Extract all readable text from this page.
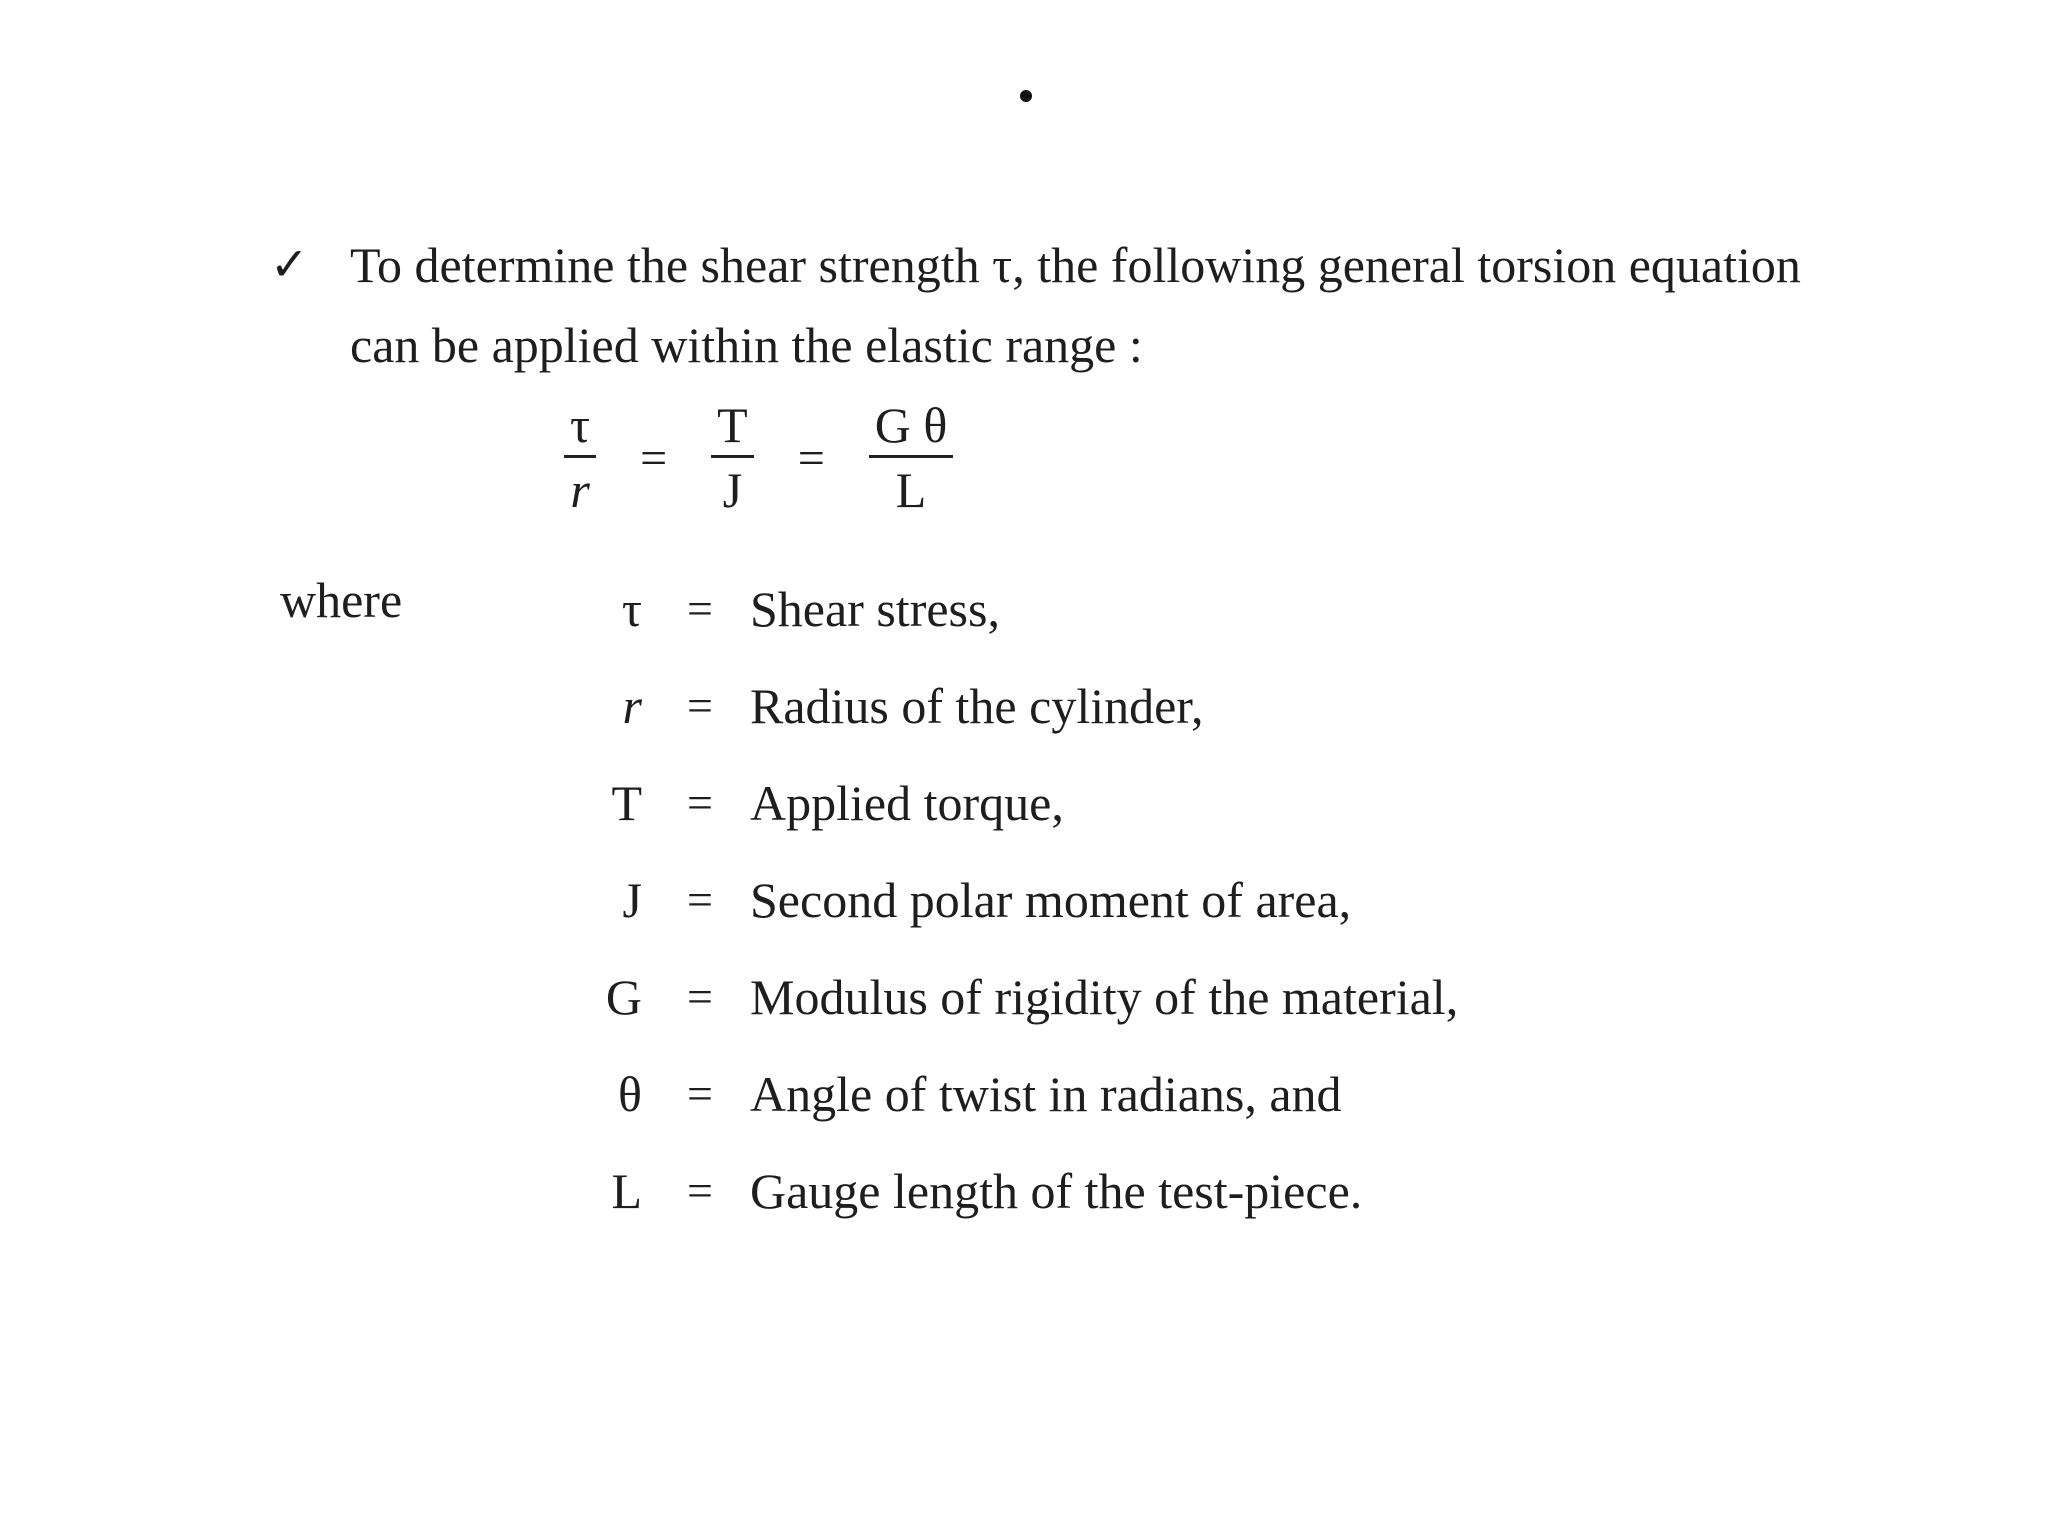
✓ To determine the shear strength τ, the following general torsion equation can be applied within the elastic range :
$\frac{\tau}{r} = \frac{T}{J} = \frac{\text{G θ}}{L}$
where	τ = Shear stress,
r = Radius of the cylinder,
T = Applied torque,
J = Second polar moment of area,
G = Modulus of rigidity of the material,
θ = Angle of twist in radians, and
L = Gauge length of the test-piece.
